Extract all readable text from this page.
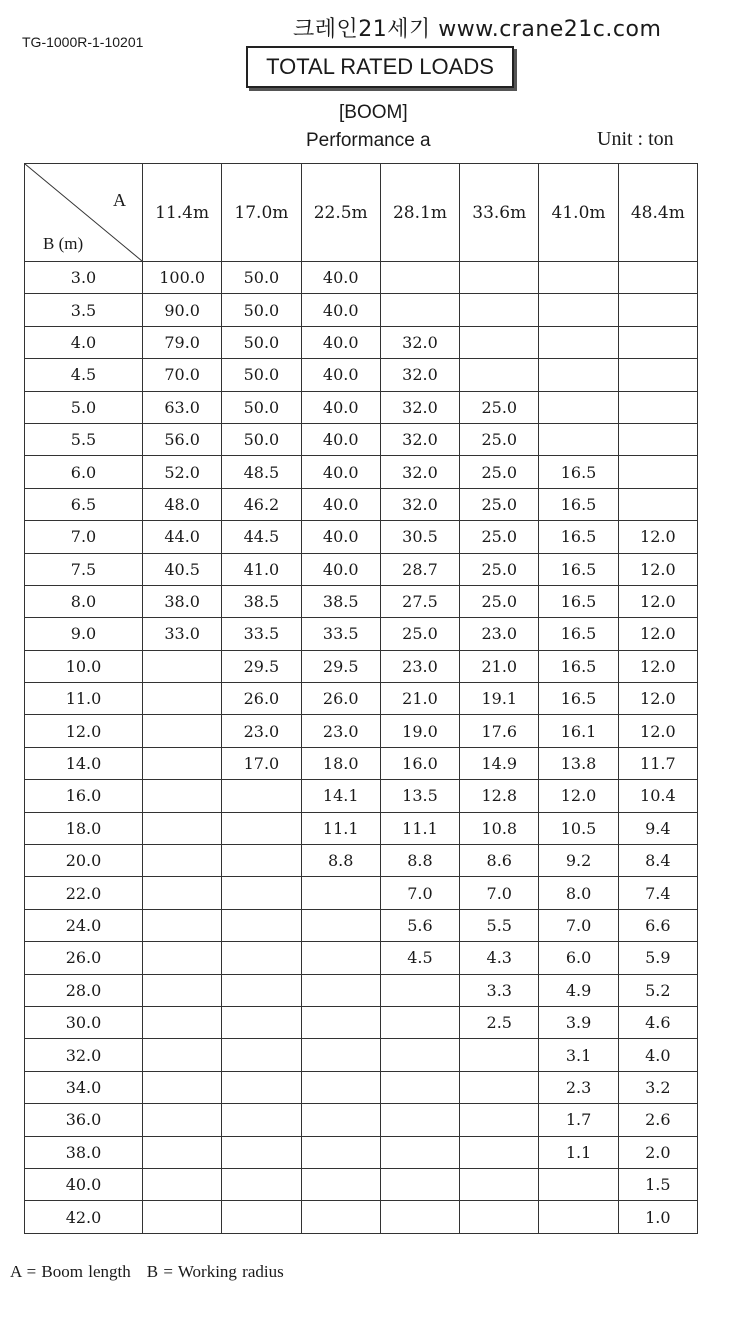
TG-1000R-1-10201	크레인21세기 www.crane21c.com
TOTAL RATED LOADS
[BOOM]
Performance a	Unit : ton
A
B (m)	11.4m	17.0m	22.5m	28.1m	33.6m	41.0m	48.4m
3.0	100.0	50.0	40.0				
3.5	90.0	50.0	40.0				
4.0	79.0	50.0	40.0	32.0			
4.5	70.0	50.0	40.0	32.0			
5.0	63.0	50.0	40.0	32.0	25.0		
5.5	56.0	50.0	40.0	32.0	25.0		
6.0	52.0	48.5	40.0	32.0	25.0	16.5	
6.5	48.0	46.2	40.0	32.0	25.0	16.5	
7.0	44.0	44.5	40.0	30.5	25.0	16.5	12.0
7.5	40.5	41.0	40.0	28.7	25.0	16.5	12.0
8.0	38.0	38.5	38.5	27.5	25.0	16.5	12.0
9.0	33.0	33.5	33.5	25.0	23.0	16.5	12.0
10.0		29.5	29.5	23.0	21.0	16.5	12.0
11.0		26.0	26.0	21.0	19.1	16.5	12.0
12.0		23.0	23.0	19.0	17.6	16.1	12.0
14.0		17.0	18.0	16.0	14.9	13.8	11.7
16.0			14.1	13.5	12.8	12.0	10.4
18.0			11.1	11.1	10.8	10.5	9.4
20.0			8.8	8.8	8.6	9.2	8.4
22.0				7.0	7.0	8.0	7.4
24.0				5.6	5.5	7.0	6.6
26.0				4.5	4.3	6.0	5.9
28.0					3.3	4.9	5.2
30.0					2.5	3.9	4.6
32.0						3.1	4.0
34.0						2.3	3.2
36.0						1.7	2.6
38.0						1.1	2.0
40.0							1.5
42.0							1.0
A = Boom length B = Working radius
